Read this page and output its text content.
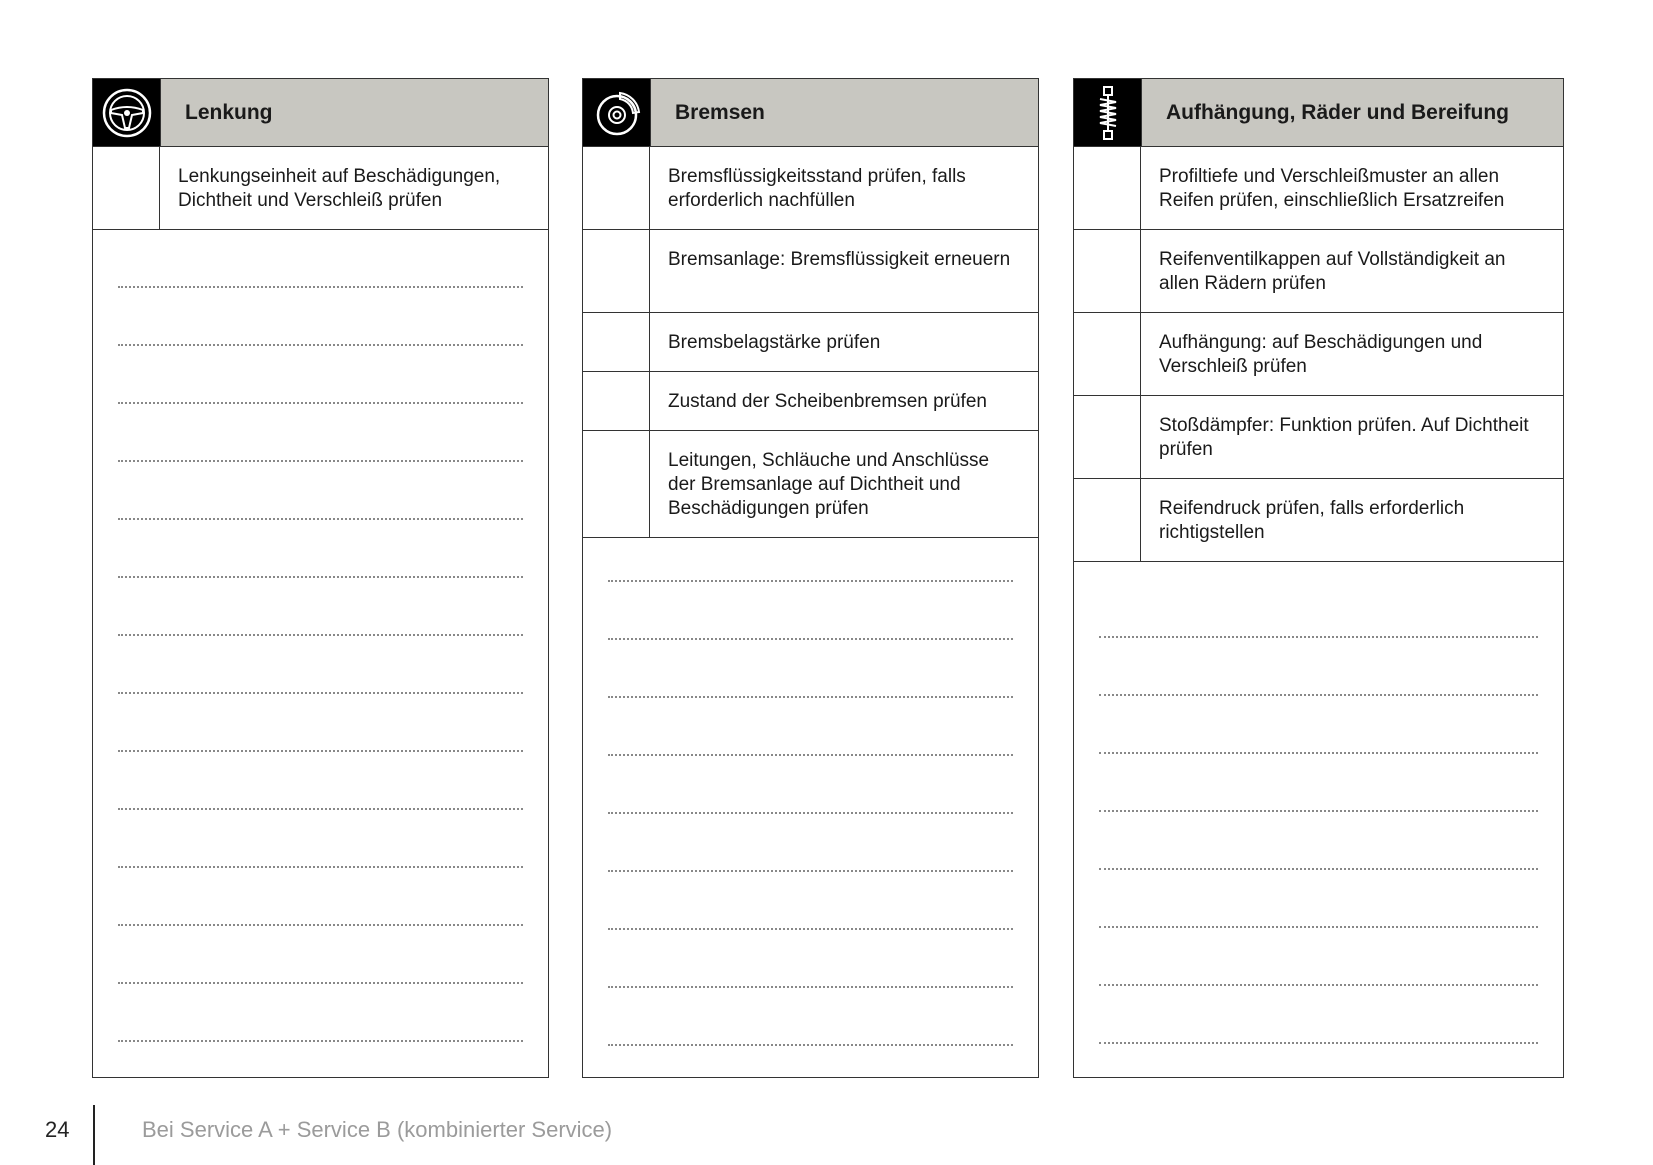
Lenkung
Lenkungseinheit auf Beschädigungen, Dichtheit und Verschleiß prüfen
Bremsen
Bremsflüssigkeitsstand prüfen, falls erforderlich nachfüllen
Bremsanlage: Bremsflüssigkeit erneuern
Bremsbelagstärke prüfen
Zustand der Scheibenbremsen prüfen
Leitungen, Schläuche und Anschlüsse der Bremsanlage auf Dichtheit und Beschädigungen prüfen
Aufhängung, Räder und Bereifung
Profiltiefe und Verschleißmuster an allen Reifen prüfen, einschließlich Ersatzreifen
Reifenventilkappen auf Vollständigkeit an allen Rädern prüfen
Aufhängung: auf Beschädigungen und Verschleiß prüfen
Stoßdämpfer: Funktion prüfen. Auf Dichtheit prüfen
Reifendruck prüfen, falls erforderlich richtigstellen
24	Bei Service A + Service B (kombinierter Service)
